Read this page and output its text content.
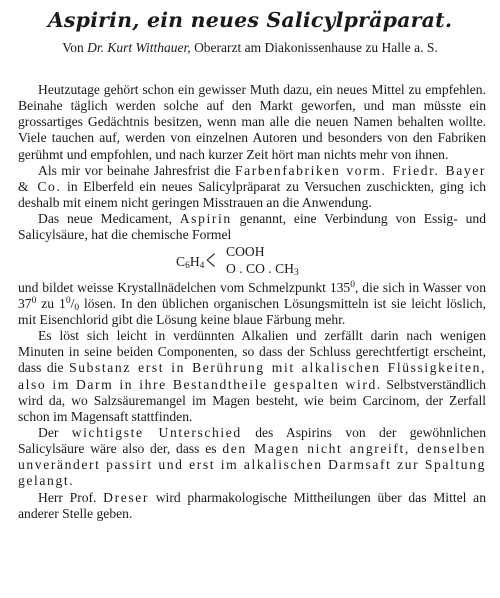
Aspirin, ein neues Salicylpräparat.
Von Dr. Kurt Witthauer, Oberarzt am Diakonissenhause zu Halle a. S.

Heutzutage gehört schon ein gewisser Muth dazu, ein neues Mittel zu empfehlen. Beinahe täglich werden solche auf den Markt geworfen, und man müsste ein grossartiges Gedächtnis besitzen, wenn man alle die neuen Namen behalten wollte. Viele tauchen auf, werden von einzelnen Autoren und besonders von den Fabriken gerühmt und empfohlen, und nach kurzer Zeit hört man nichts mehr von ihnen.

Als mir vor beinahe Jahresfrist die Farbenfabriken vorm. Friedr. Bayer & Co. in Elberfeld ein neues Salicylpräparat zu Versuchen zuschickten, ging ich deshalb mit einem nicht geringen Misstrauen an die Anwendung.

Das neue Medicament, Aspirin genannt, eine Verbindung von Essig- und Salicylsäure, hat die chemische Formel

$C_6H_4$ < COOH
O . CO . $CH_3$

und bildet weisse Krystallnädelchen vom Schmelzpunkt $135^0$, die sich in Wasser von $37^0$ zu $1^0/_0$ lösen. In den üblichen organischen Lösungsmitteln ist sie leicht löslich, mit Eisenchlorid gibt die Lösung keine blaue Färbung mehr.

Es löst sich leicht in verdünnten Alkalien und zerfällt darin nach wenigen Minuten in seine beiden Componenten, so dass der Schluss gerechtfertigt erscheint, dass die Substanz erst in Berührung mit alkalischen Flüssigkeiten, also im Darm in ihre Bestandtheile gespalten wird. Selbstverständlich wird da, wo Salzsäuremangel im Magen besteht, wie beim Carcinom, der Zerfall schon im Magensaft stattfinden.

Der wichtigste Unterschied des Aspirins von der gewöhnlichen Salicylsäure wäre also der, dass es den Magen nicht angreift, denselben unverändert passirt und erst im alkalischen Darmsaft zur Spaltung gelangt.

Herr Prof. Dreser wird pharmakologische Mittheilungen über das Mittel an anderer Stelle geben.
